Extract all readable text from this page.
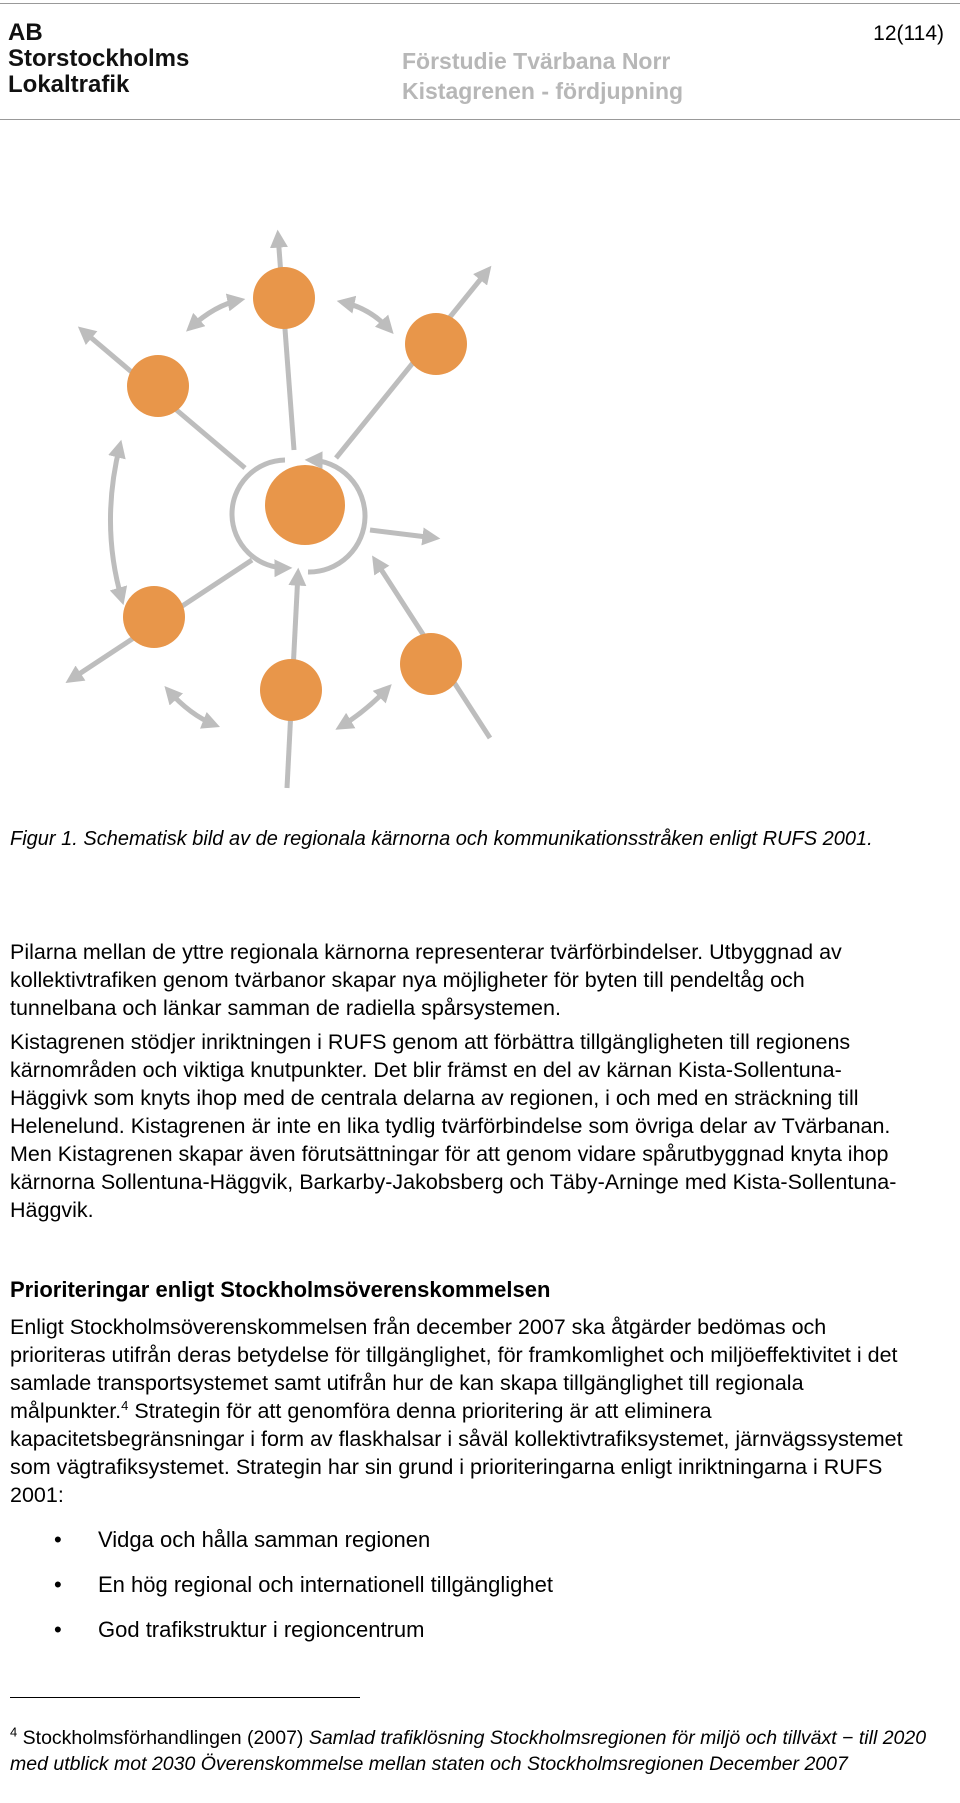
AB
Storstockholms
Lokaltrafik
Förstudie Tvärbana Norr
Kistagrenen - fördjupning
12(114)
Figur 1. Schematisk bild av de regionala kärnorna och kommunikationsstråken enligt RUFS 2001.
Pilarna mellan de yttre regionala kärnorna representerar tvärförbindelser. Utbyggnad av kollektivtrafiken genom tvärbanor skapar nya möjligheter för byten till pendeltåg och tunnelbana och länkar samman de radiella spårsystemen.
Kistagrenen stödjer inriktningen i RUFS genom att förbättra tillgängligheten till regionens kärnområden och viktiga knutpunkter. Det blir främst en del av kärnan Kista-Sollentuna-Häggivk som knyts ihop med de centrala delarna av regionen, i och med en sträckning till Helenelund. Kistagrenen är inte en lika tydlig tvärförbindelse som övriga delar av Tvärbanan. Men Kistagrenen skapar även förutsättningar för att genom vidare spårutbyggnad knyta ihop kärnorna Sollentuna-Häggvik, Barkarby-Jakobsberg och Täby-Arninge med Kista-Sollentuna-Häggvik.
Prioriteringar enligt Stockholmsöverenskommelsen
Enligt Stockholmsöverenskommelsen från december 2007 ska åtgärder bedömas och prioriteras utifrån deras betydelse för tillgänglighet, för framkomlighet och miljöeffektivitet i det samlade transportsystemet samt utifrån hur de kan skapa tillgänglighet till regionala målpunkter.$^4$ Strategin för att genomföra denna prioritering är att eliminera kapacitetsbegränsningar i form av flaskhalsar i såväl kollektivtrafiksystemet, järnvägssystemet som vägtrafiksystemet. Strategin har sin grund i prioriteringarna enligt inriktningarna i RUFS 2001:
• Vidga och hålla samman regionen
• En hög regional och internationell tillgänglighet
• God trafikstruktur i regioncentrum
$^4$ Stockholmsförhandlingen (2007) Samlad trafiklösning Stockholmsregionen för miljö och tillväxt − till 2020 med utblick mot 2030 Överenskommelse mellan staten och Stockholmsregionen December 2007
